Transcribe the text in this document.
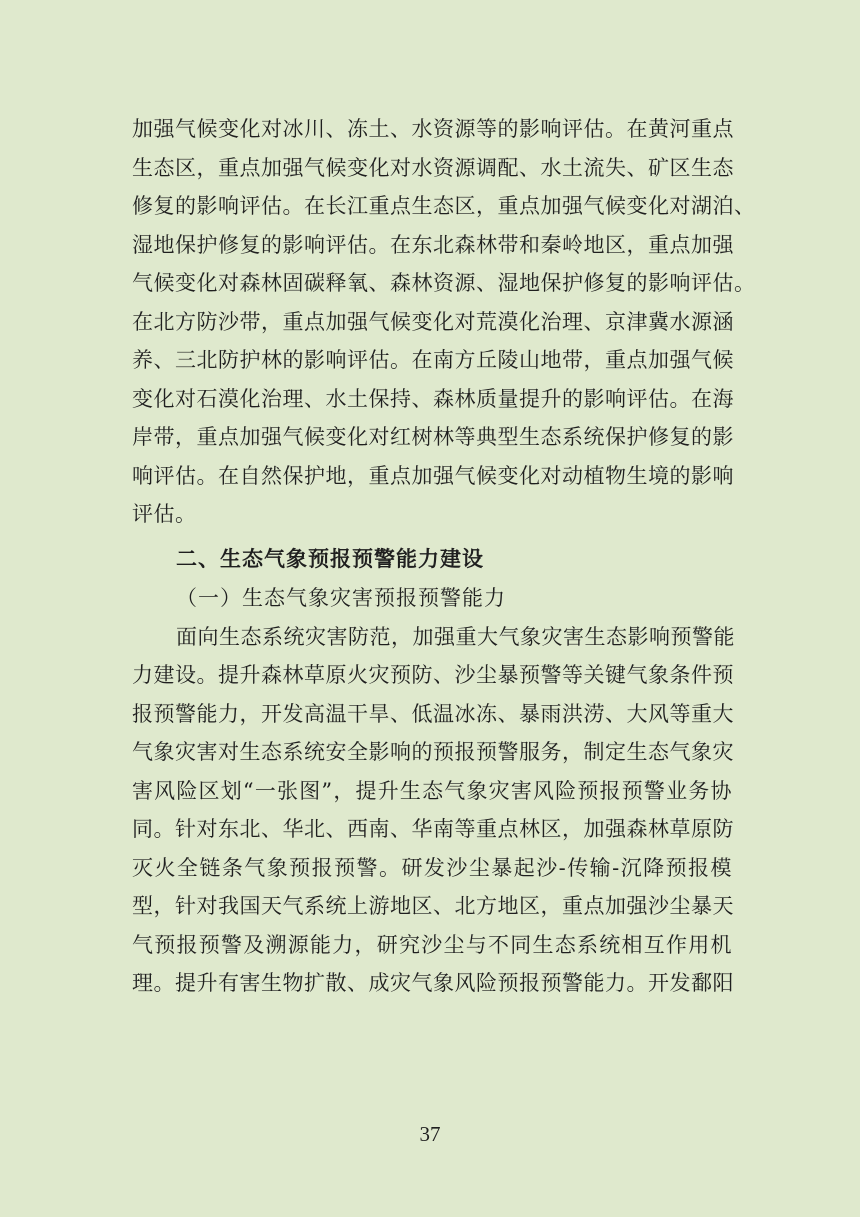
加强气候变化对冰川、冻土、水资源等的影响评估。在黄河重点
生态区，重点加强气候变化对水资源调配、水土流失、矿区生态
修复的影响评估。在长江重点生态区，重点加强气候变化对湖泊、
湿地保护修复的影响评估。在东北森林带和秦岭地区，重点加强
气候变化对森林固碳释氧、森林资源、湿地保护修复的影响评估。
在北方防沙带，重点加强气候变化对荒漠化治理、京津冀水源涵
养、三北防护林的影响评估。在南方丘陵山地带，重点加强气候
变化对石漠化治理、水土保持、森林质量提升的影响评估。在海
岸带，重点加强气候变化对红树林等典型生态系统保护修复的影
响评估。在自然保护地，重点加强气候变化对动植物生境的影响
评估。
二、生态气象预报预警能力建设
（一）生态气象灾害预报预警能力
面向生态系统灾害防范，加强重大气象灾害生态影响预警能
力建设。提升森林草原火灾预防、沙尘暴预警等关键气象条件预
报预警能力，开发高温干旱、低温冰冻、暴雨洪涝、大风等重大
气象灾害对生态系统安全影响的预报预警服务，制定生态气象灾
害风险区划“一张图”，提升生态气象灾害风险预报预警业务协
同。针对东北、华北、西南、华南等重点林区，加强森林草原防
灭火全链条气象预报预警。研发沙尘暴起沙-传输-沉降预报模
型，针对我国天气系统上游地区、北方地区，重点加强沙尘暴天
气预报预警及溯源能力，研究沙尘与不同生态系统相互作用机
理。提升有害生物扩散、成灾气象风险预报预警能力。开发鄱阳
37
